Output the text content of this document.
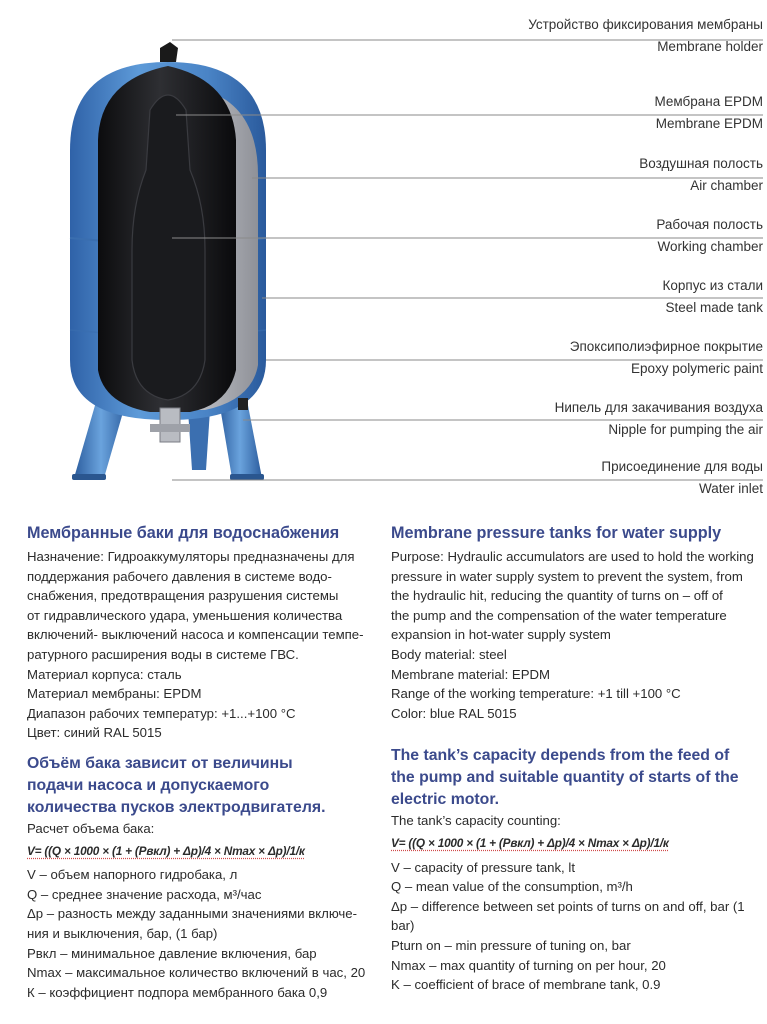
Устройство фиксирования мембраны
Membrane holder
Мембрана EPDM
Membrane EPDM
Воздушная полость
Air chamber
Рабочая полость
Working chamber
Корпус из стали
Steel made tank
Эпоксиполиэфирное покрытие
Epoxy polymeric paint
Нипель для закачивания воздуха
Nipple for pumping the air
Присоединение для воды
Water inlet
Мембранные баки для водоснабжения

Назначение: Гидроаккумуляторы предназначены для

поддержания рабочего давления в системе водо-

снабжения, предотвращения разрушения системы

от гидравлического удара, уменьшения количества

включений- выключений насоса и компенсации темпе-

ратурного расширения воды в системе ГВС.

Материал корпуса: сталь

Материал мембраны: EPDM

Диапазон рабочих температур: +1...+100 °С

Цвет: синий RAL 5015

Объём бака зависит от величины
подачи насоса и допускаемого
количества пусков электродвигателя.

Расчет объема бака:

V= ((Q × 1000 × (1 + (Рвкл) + Δр)/4 × Nmax × Δр)/1/к

V – объем напорного гидробака, л

Q – среднее значение расхода, м³/час

Δр – разность между заданными значениями включе-

ния и выключения, бар, (1 бар)

Рвкл – минимальное давление включения, бар

Nmax – максимальное количество включений в час, 20

К – коэффициент подпора мембранного бака 0,9

Membrane pressure tanks for water supply

Purpose: Hydraulic accumulators are used to hold the working

pressure in water supply system to prevent the system, from

the hydraulic hit, reducing the quantity of turns on – off of

the pump and the compensation of the water temperature

expansion in hot-water supply system

Body material: steel

Membrane material: EPDM

Range of the working temperature: +1 till +100 °C

Color: blue RAL 5015

The tank’s capacity depends from the feed of
the pump and suitable quantity of starts of the
electric motor.

The tank’s capacity counting:

V= ((Q × 1000 × (1 + (Рвкл) + Δр)/4 × Nmax × Δр)/1/к

V – capacity of pressure tank, lt

Q – mean value of the consumption, m³/h

Δp – difference between set points of turns on and off, bar (1

bar)

Pturn on – min pressure of tuning on, bar

Nmax – max quantity of turning on per hour, 20

K – coefficient of brace of membrane tank, 0.9
